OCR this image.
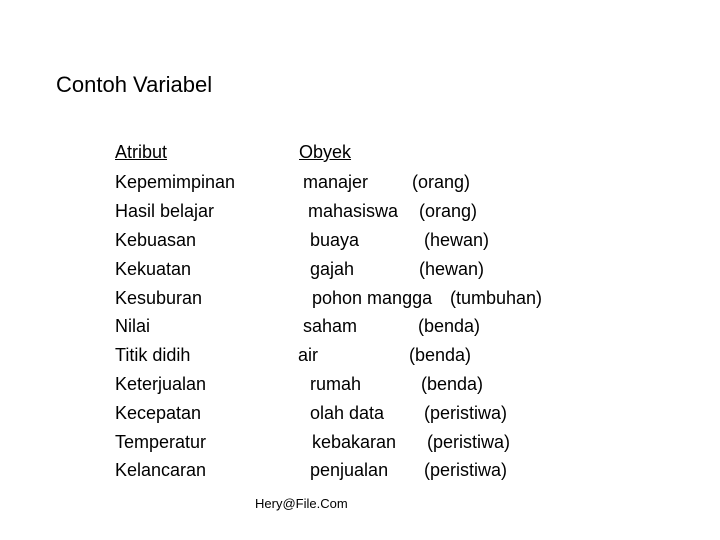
Contoh Variabel
Atribut	Obyek
Kepemimpinan
Hasil belajar
Kebuasan
Kekuatan
Kesuburan
Nilai
Titik didih
Keterjualan
Kecepatan
Temperatur
Kelancaran
manajer
mahasiswa
buaya
gajah
pohon mangga
saham
air
rumah
olah data
kebakaran
penjualan
(orang)
(orang)
(hewan)
(hewan)
(tumbuhan)
(benda)
(benda)
(benda)
(peristiwa)
(peristiwa)
(peristiwa)
Hery@File.Com
